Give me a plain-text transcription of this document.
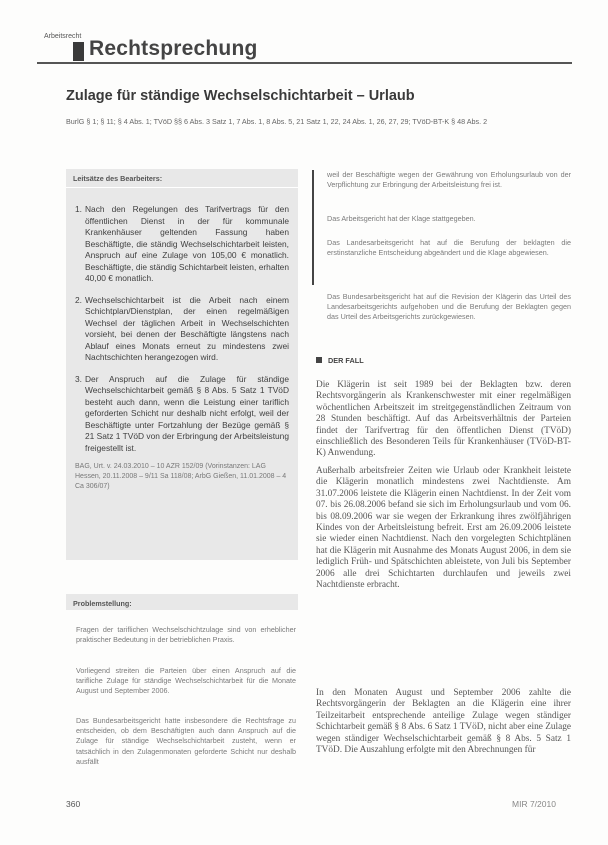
Arbeitsrecht
Rechtsprechung
Zulage für ständige Wechselschichtarbeit – Urlaub
BurlG § 1; § 11; § 4 Abs. 1; TVöD §§ 6 Abs. 3 Satz 1, 7 Abs. 1, 8 Abs. 5, 21 Satz 1, 22, 24 Abs. 1, 26, 27, 29; TVöD-BT-K § 48 Abs. 2
Leitsätze des Bearbeiters:
1. Nach den Regelungen des Tarifvertrags für den öffentlichen Dienst in der für kommunale Krankenhäuser geltenden Fassung haben Beschäftigte, die ständig Wechselschichtarbeit leisten, Anspruch auf eine Zulage von 105,00 € monatlich. Beschäftigte, die ständig Schichtarbeit leisten, erhalten 40,00 € monatlich.
2. Wechselschichtarbeit ist die Arbeit nach einem Schichtplan/Dienstplan, der einen regelmäßigen Wechsel der täglichen Arbeit in Wechselschichten vorsieht, bei denen der Beschäftigte längstens nach Ablauf eines Monats erneut zu mindestens zwei Nachtschichten herangezogen wird.
3. Der Anspruch auf die Zulage für ständige Wechselschichtarbeit gemäß § 8 Abs. 5 Satz 1 TVöD besteht auch dann, wenn die Leistung einer tariflich geforderten Schicht nur deshalb nicht erfolgt, weil der Beschäftigte unter Fortzahlung der Bezüge gemäß § 21 Satz 1 TVöD von der Erbringung der Arbeitsleistung freigestellt ist.
BAG, Urt. v. 24.03.2010 – 10 AZR 152/09 (Vorinstanzen: LAG Hessen, 20.11.2008 – 9/11 Sa 118/08; ArbG Gießen, 11.01.2008 – 4 Ca 306/07)
Problemstellung:
Fragen der tariflichen Wechselschichtzulage sind von erheblicher praktischer Bedeutung in der betrieblichen Praxis.
Vorliegend streiten die Parteien über einen Anspruch auf die tarifliche Zulage für ständige Wechselschichtarbeit für die Monate August und September 2006.
Das Bundesarbeitsgericht hatte insbesondere die Rechtsfrage zu entscheiden, ob dem Beschäftigten auch dann Anspruch auf die Zulage für ständige Wechselschichtarbeit zusteht, wenn er tatsächlich in den Zulagenmonaten geforderte Schicht nur deshalb ausfällt
weil der Beschäftigte wegen der Gewährung von Erholungsurlaub von der Verpflichtung zur Erbringung der Arbeitsleistung frei ist.
Das Arbeitsgericht hat der Klage stattgegeben.
Das Landesarbeitsgericht hat auf die Berufung der beklagten die erstinstanzliche Entscheidung abgeändert und die Klage abgewiesen.
Das Bundesarbeitsgericht hat auf die Revision der Klägerin das Urteil des Landesarbeitsgerichts aufgehoben und die Berufung der Beklagten gegen das Urteil des Arbeitsgerichts zurückgewiesen.
DER FALL
Die Klägerin ist seit 1989 bei der Beklagten bzw. deren Rechtsvorgängerin als Krankenschwester mit einer regelmäßigen wöchentlichen Arbeitszeit im streitgegenständlichen Zeitraum von 28 Stunden beschäftigt. Auf das Arbeitsverhältnis der Parteien findet der Tarifvertrag für den öffentlichen Dienst (TVöD) einschließlich des Besonderen Teils für Krankenhäuser (TVöD-BT-K) Anwendung.
Außerhalb arbeitsfreier Zeiten wie Urlaub oder Krankheit leistete die Klägerin monatlich mindestens zwei Nachtdienste. Am 31.07.2006 leistete die Klägerin einen Nachtdienst. In der Zeit vom 07. bis 26.08.2006 befand sie sich im Erholungsurlaub und vom 06. bis 08.09.2006 war sie wegen der Erkrankung ihres zwölfjährigen Kindes von der Arbeitsleistung befreit. Erst am 26.09.2006 leistete sie wieder einen Nachtdienst. Nach den vorgelegten Schichtplänen hat die Klägerin mit Ausnahme des Monats August 2006, in dem sie lediglich Früh- und Spätschichten ableistete, von Juli bis September 2006 alle drei Schichtarten durchlaufen und jeweils zwei Nachtdienste erbracht.
In den Monaten August und September 2006 zahlte die Rechtsvorgängerin der Beklagten an die Klägerin eine ihrer Teilzeitarbeit entsprechende anteilige Zulage wegen ständiger Schichtarbeit gemäß § 8 Abs. 6 Satz 1 TVöD, nicht aber eine Zulage wegen ständiger Wechselschichtarbeit gemäß § 8 Abs. 5 Satz 1 TVöD. Die Auszahlung erfolgte mit den Abrechnungen für
360	MIR 7/2010
